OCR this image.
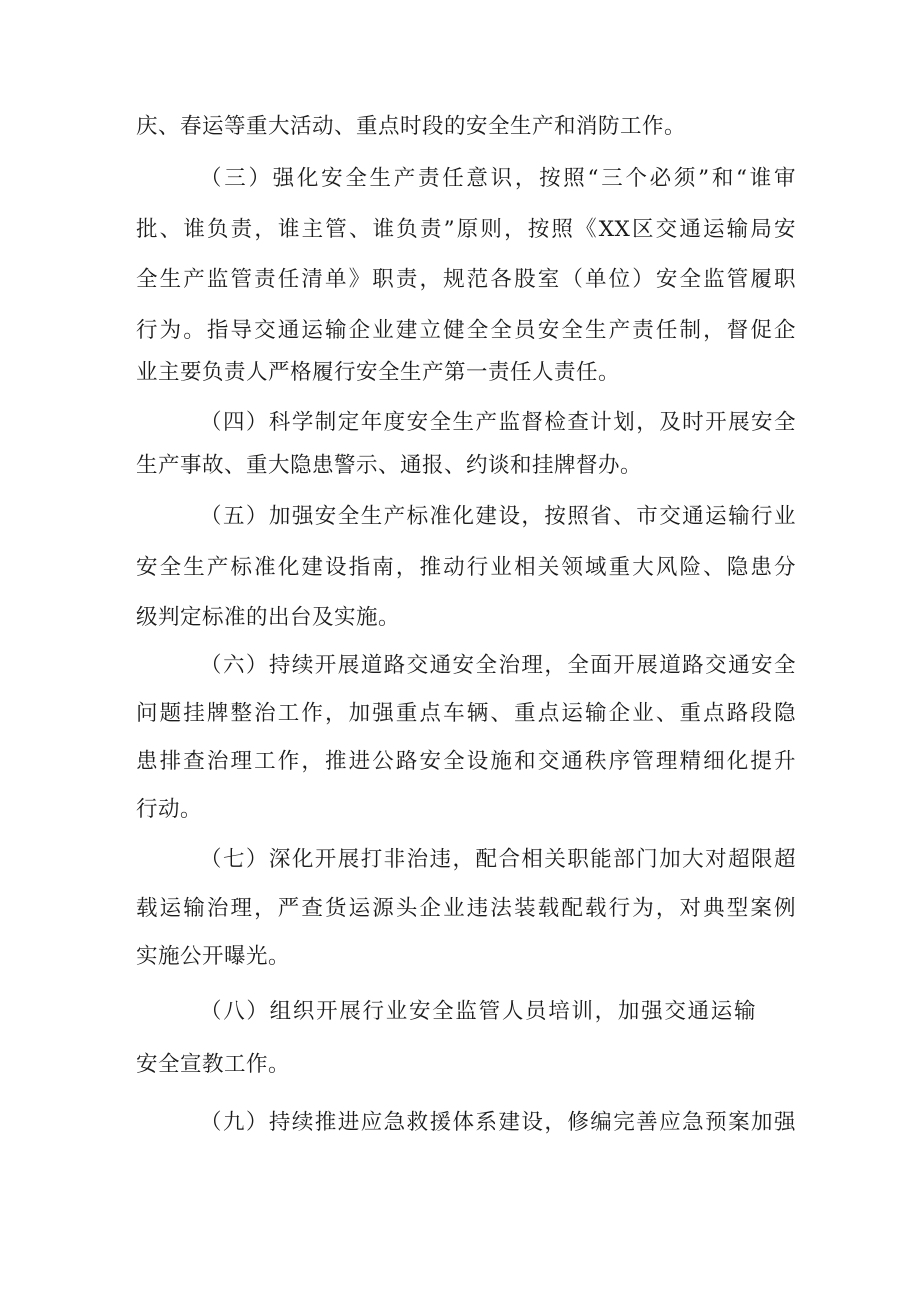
庆、春运等重大活动、重点时段的安全生产和消防工作。
（三）强化安全生产责任意识，按照“三个必须”和“谁审
批、谁负责，谁主管、谁负责”原则，按照《XX区交通运输局安
全生产监管责任清单》职责，规范各股室（单位）安全监管履职
行为。指导交通运输企业建立健全全员安全生产责任制，督促企
业主要负责人严格履行安全生产第一责任人责任。
（四）科学制定年度安全生产监督检查计划，及时开展安全
生产事故、重大隐患警示、通报、约谈和挂牌督办。
（五）加强安全生产标准化建设，按照省、市交通运输行业
安全生产标准化建设指南，推动行业相关领域重大风险、隐患分
级判定标准的出台及实施。
（六）持续开展道路交通安全治理，全面开展道路交通安全
问题挂牌整治工作，加强重点车辆、重点运输企业、重点路段隐
患排查治理工作，推进公路安全设施和交通秩序管理精细化提升
行动。
（七）深化开展打非治违，配合相关职能部门加大对超限超
载运输治理，严查货运源头企业违法装载配载行为，对典型案例
实施公开曝光。
（八）组织开展行业安全监管人员培训，加强交通运输
安全宣教工作。
（九）持续推进应急救援体系建设，修编完善应急预案加强
